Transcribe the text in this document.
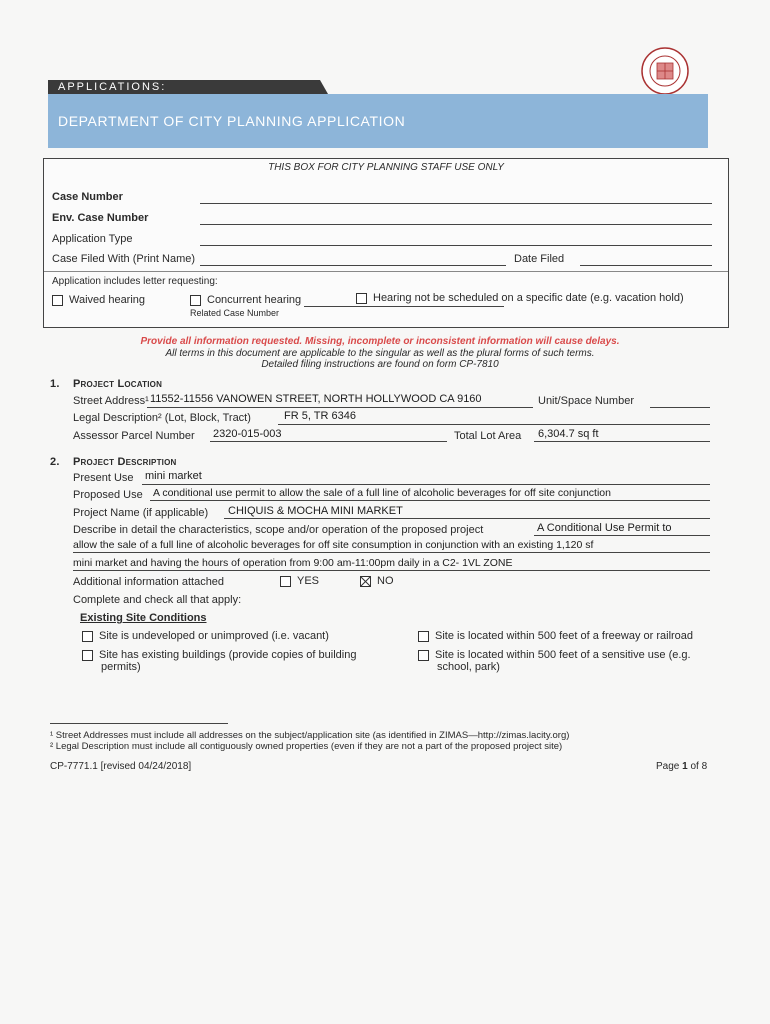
APPLICATIONS:
DEPARTMENT OF CITY PLANNING APPLICATION
THIS BOX FOR CITY PLANNING STAFF USE ONLY
Case Number
Env. Case Number
Application Type
Case Filed With (Print Name)	Date Filed
Application includes letter requesting:
Waived hearing	Concurrent hearing
Related Case Number
Hearing not be scheduled on a specific date (e.g. vacation hold)
Provide all information requested. Missing, incomplete or inconsistent information will cause delays.
All terms in this document are applicable to the singular as well as the plural forms of such terms.
Detailed filing instructions are found on form CP-7810
1. Project Location
Street Address¹ 11552-11556 VANOWEN STREET, NORTH HOLLYWOOD CA 9160	Unit/Space Number
Legal Description² (Lot, Block, Tract)	FR 5, TR 6346
Assessor Parcel Number 2320-015-003	Total Lot Area 6,304.7 sq ft
2. Project Description
Present Use mini market
Proposed Use A conditional use permit to allow the sale of a full line of alcoholic beverages for off site conjunction
Project Name (if applicable) CHIQUIS & MOCHA MINI MARKET
Describe in detail the characteristics, scope and/or operation of the proposed project	A Conditional Use Permit to
allow the sale of a full line of alcoholic beverages for off site consumption in conjunction with an existing 1,120 sf
mini market and having the hours of operation from 9:00 am-11:00pm daily in a C2- 1VL ZONE
Additional information attached	YES	NO
Complete and check all that apply:
Existing Site Conditions
Site is undeveloped or unimproved (i.e. vacant)	Site is located within 500 feet of a freeway or railroad
Site has existing buildings (provide copies of building
permits)
Site is located within 500 feet of a sensitive use (e.g.
school, park)
¹ Street Addresses must include all addresses on the subject/application site (as identified in ZIMAS—http://zimas.lacity.org)
² Legal Description must include all contiguously owned properties (even if they are not a part of the proposed project site)
CP-7771.1 [revised 04/24/2018]	Page 1 of 8
